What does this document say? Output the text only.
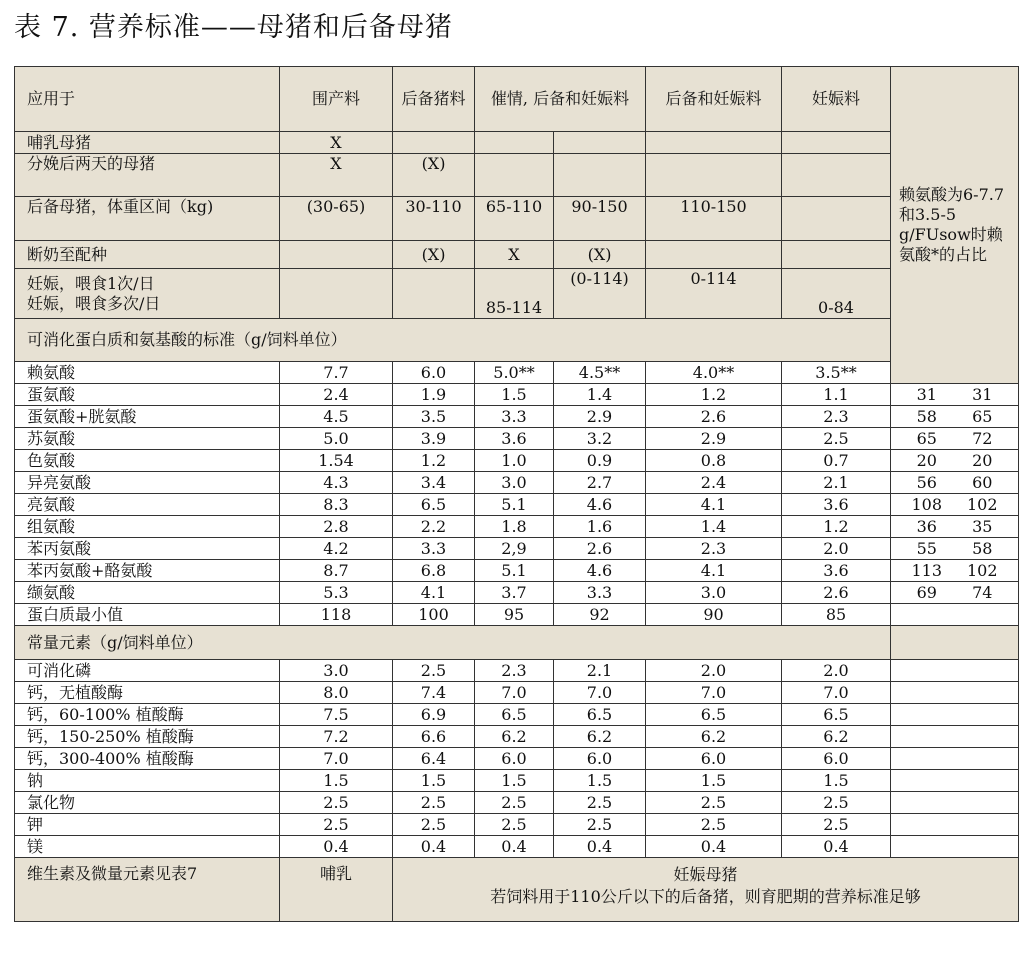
表 7. 营养标准——母猪和后备母猪
应用于	围产料	后备猪料	催情, 后备和妊娠料		后备和妊娠料	妊娠料	赖氨酸为6-7.7和3.5-5 g/FUsow时赖氨酸*的占比	
哺乳母猪	X							
分娩后两天的母猪	X	(X)						
后备母猪，体重区间（kg)	(30-65)	30-110	65-110	90-150	110-150			
断奶至配种		(X)	X	(X)				

妊娠，喂食1次/日
妊娠，喂食多次/日			85-114	(0-114)	0-114	0-84		
可消化蛋白质和氨基酸的标准（g/饲料单位）								
赖氨酸	7.7	6.0	5.0**	4.5**	4.0**	3.5**	

蛋氨酸	2.4	1.9	1.5	1.4	1.2	1.1	31 31	

蛋氨酸+胱氨酸	4.5	3.5	3.3	2.9	2.6	2.3	58 65	

苏氨酸	5.0	3.9	3.6	3.2	2.9	2.5	65 72	

色氨酸	1.54	1.2	1.0	0.9	0.8	0.7	20 20	

异亮氨酸	4.3	3.4	3.0	2.7	2.4	2.1	56 60	

亮氨酸	8.3	6.5	5.1	4.6	4.1	3.6	108 102	

组氨酸	2.8	2.2	1.8	1.6	1.4	1.2	36 35	

苯丙氨酸	4.2	3.3	2,9	2.6	2.3	2.0	55 58	

苯丙氨酸+酪氨酸	8.7	6.8	5.1	4.6	4.1	3.6	113 102	

缬氨酸	5.3	4.1	3.7	3.3	3.0	2.6	69 74	

蛋白质最小值	118	100	95	92	90	85		
常量元素（g/饲料单位）								
可消化磷	3.0	2.5	2.3	2.1	2.0	2.0		
钙，无植酸酶	8.0	7.4	7.0	7.0	7.0	7.0		
钙，60-100% 植酸酶	7.5	6.9	6.5	6.5	6.5	6.5		
钙，150-250% 植酸酶	7.2	6.6	6.2	6.2	6.2	6.2		
钙，300-400% 植酸酶	7.0	6.4	6.0	6.0	6.0	6.0		
钠	1.5	1.5	1.5	1.5	1.5	1.5		
氯化物	2.5	2.5	2.5	2.5	2.5	2.5		
钾	2.5	2.5	2.5	2.5	2.5	2.5		
镁	0.4	0.4	0.4	0.4	0.4	0.4		
维生素及微量元素见表7	哺乳	妊娠母猪
若饲料用于110公斤以下的后备猪，则育肥期的营养标准足够						
